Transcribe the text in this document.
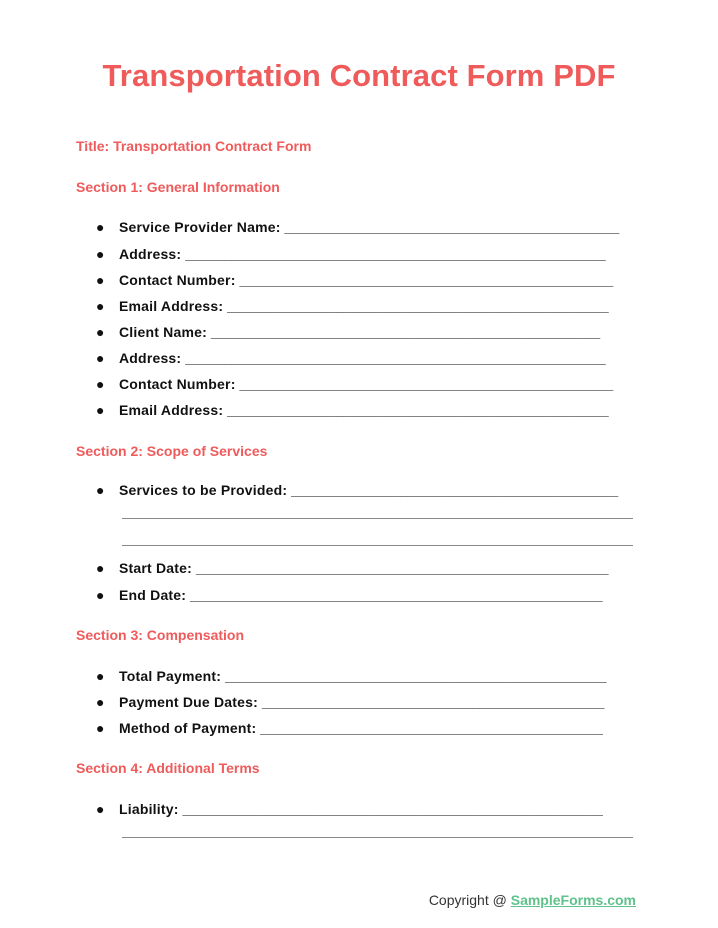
Transportation Contract Form PDF
Title: Transportation Contract Form
Section 1: General Information
● Service Provider Name: ___________________________________________
● Address: ______________________________________________________
● Contact Number: ________________________________________________
● Email Address: _________________________________________________
● Client Name: __________________________________________________
● Address: ______________________________________________________
● Contact Number: ________________________________________________
● Email Address: _________________________________________________
Section 2: Scope of Services
● Services to be Provided: __________________________________________
● Start Date: _____________________________________________________
● End Date: _____________________________________________________
Section 3: Compensation
● Total Payment: _________________________________________________
● Payment Due Dates: ____________________________________________
● Method of Payment: ____________________________________________
Section 4: Additional Terms
● Liability: ______________________________________________________
Copyright @ SampleForms.com
